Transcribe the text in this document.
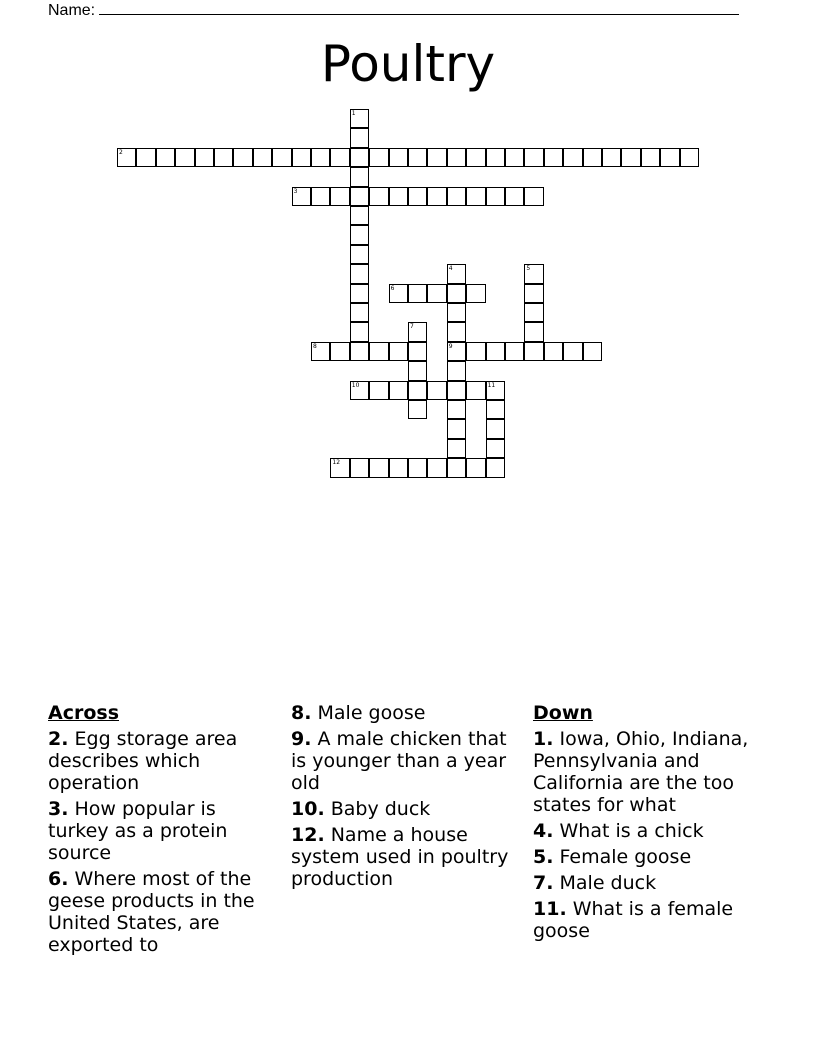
Name:
Poultry
1
2
3
4
9
5
6
7
8
10	11
12
Across
2. Egg storage area describes which operation
3. How popular is turkey as a protein source
6. Where most of the geese products in the United States, are exported to
8. Male goose
9. A male chicken that is younger than a year old
10. Baby duck
12. Name a house system used in poultry production
Down
1. Iowa, Ohio, Indiana, Pennsylvania and California are the too states for what
4. What is a chick
5. Female goose
7. Male duck
11. What is a female goose
